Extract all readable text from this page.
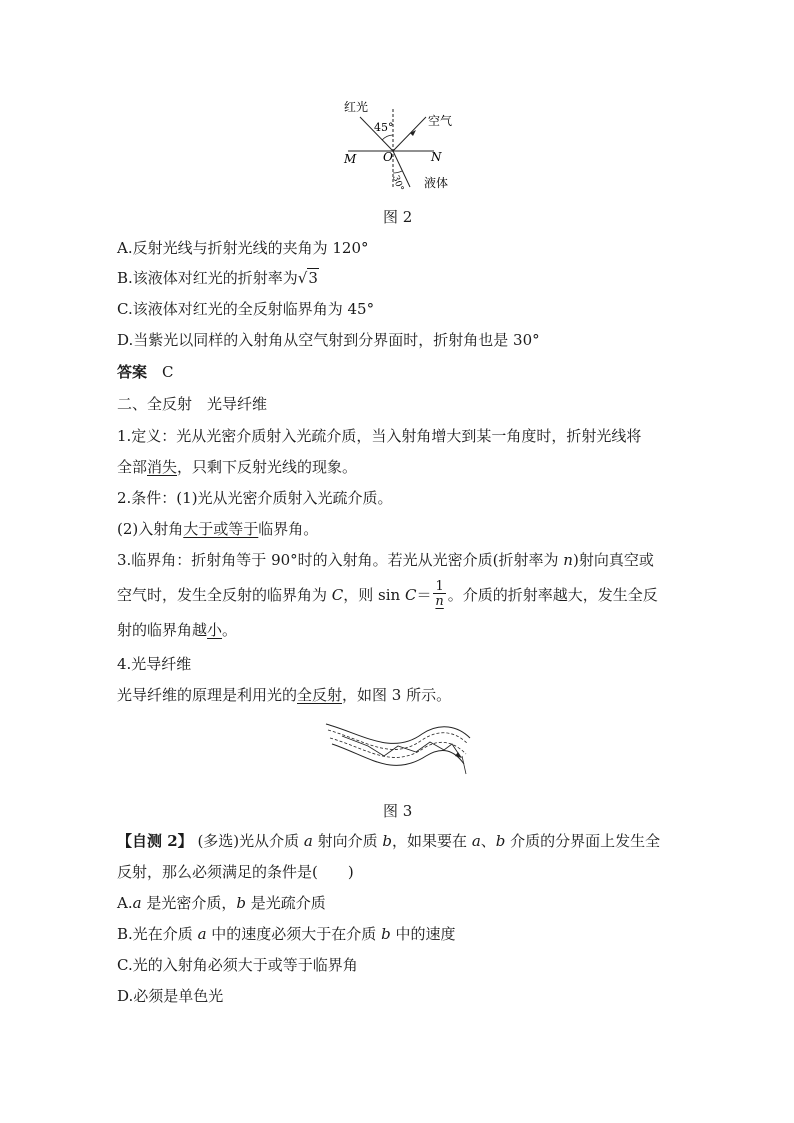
红光
空气
45°
M O	N
30° 液体
图 2
A.反射光线与折射光线的夹角为 120°
B.该液体对红光的折射率为√3
C.该液体对红光的全反射临界角为 45°
D.当紫光以同样的入射角从空气射到分界面时，折射角也是 30°
答案　 C
二、全反射　光导纤维
1.定义：光从光密介质射入光疏介质，当入射角增大到某一角度时，折射光线将
全部消失，只剩下反射光线的现象。
2.条件：(1)光从光密介质射入光疏介质。
(2)入射角大于或等于临界角。
3.临界角：折射角等于 90°时的入射角。若光从光密介质(折射率为 n)射向真空或
空气时，发生全反射的临界角为 C，则 $\sin C= \frac{1}{n}$ 。介质的折射率越大，发生全反
射的临界角越小。
4.光导纤维
光导纤维的原理是利用光的全反射，如图 3 所示。
图 3
【自测 2】 (多选)光从介质 a 射向介质 b，如果要在 a、b 介质的分界面上发生全
反射，那么必须满足的条件是(　　)
A.a 是光密介质，b 是光疏介质
B.光在介质 a 中的速度必须大于在介质 b 中的速度
C.光的入射角必须大于或等于临界角
D.必须是单色光
